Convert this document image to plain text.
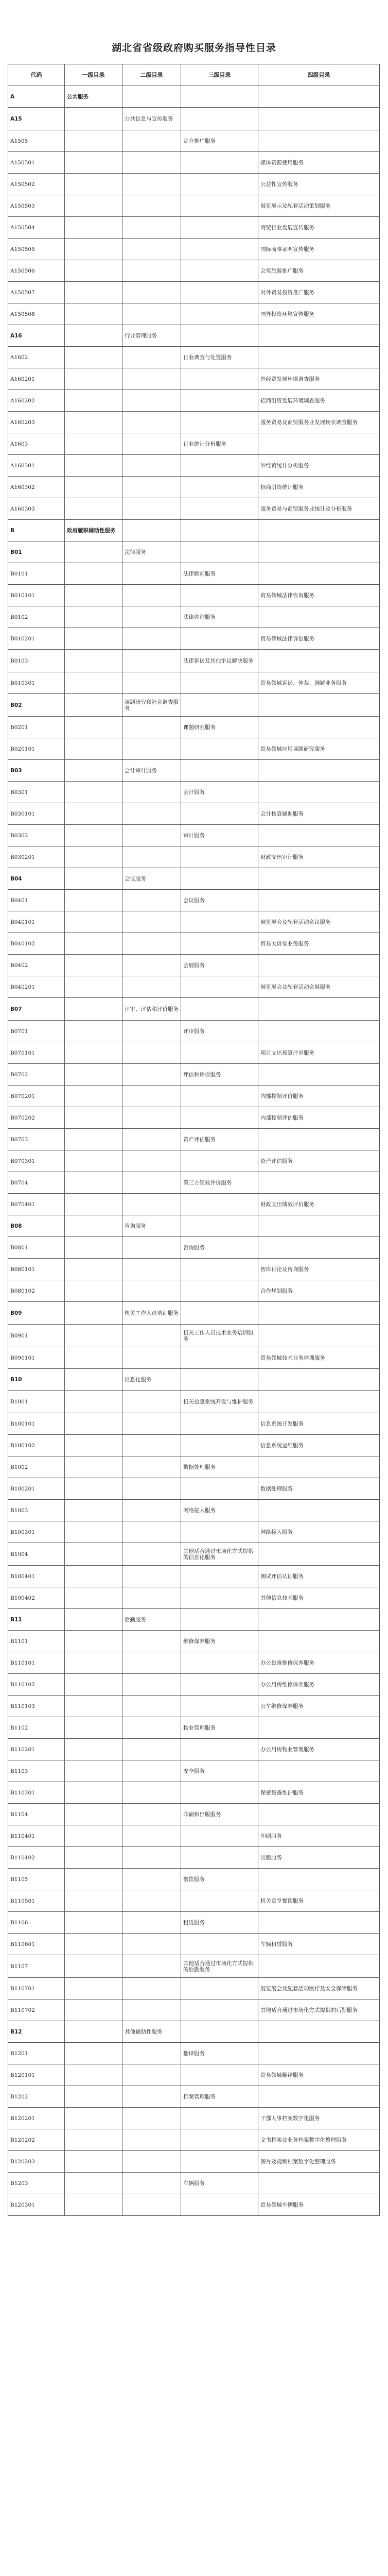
湖北省省级政府购买服务指导性目录
代码	一级目录	二级目录	三级目录	四级目录
A	公共服务			
A15		公共信息与宣传服务		
A1505			宣介推广服务	
A150501				媒体资源使用服务
A150502				公益性宣传服务
A150503				展览展示及配套活动策划服务
A150504				商贸行业发展宣传服务
A150505				国际商事证明宣传服务
A150506				会奖旅游推广服务
A150507				对外贸易投资推广服务
A150508				国外投资环境宣传服务
A16		行业管理服务		
A1602			行业调查与处置服务	
A160201				外经贸发展环境调查服务
A160202				招商引资发展环境调查服务
A160203				服务贸易及商贸服务业发展现状调查服务
A1603			行业统计分析服务	
A160301				外经贸统计分析服务
A160302				招商引资统计服务
A160303				服务贸易与商贸服务业统计及分析服务
B	政府履职辅助性服务			
B01		法律服务		
B0101			法律顾问服务	
B010101				贸易领域法律咨询服务
B0102			法律咨询服务	
B010201				贸易领域法律诉讼服务
B0103			法律诉讼及其他争议解决服务	
B010301				贸易领域诉讼、仲裁、调解业务服务
B02		课题研究和社会调查服务		
B0201			课题研究服务	
B020101				贸易领域应用课题研究服务
B03		会计审计服务		
B0301			会计服务	
B030101				会计核算辅助服务
B0302			审计服务	
B030201				财政支出审计服务
B04		会议服务		
B0401			会议服务	
B040101				展览展会及配套活动会议服务
B040102				贸易大讲堂业务服务
B0402			会展服务	
B040201				展览展会及配套活动会展服务
B07		评审、评估和评价服务		
B0701			评审服务	
B070101				项目支出预算评审服务
B0702			评估和评价服务	
B070201				内部控制评价服务
B070202				内部控制评估服务
B0703			资产评估服务	
B070301				资产评估服务
B0704			第三方绩效评价服务	
B070401				财政支出绩效评价服务
B08		咨询服务		
B0801			咨询服务	
B080101				智库讨论及咨询服务
B080102				合作规划服务
B09		机关工作人员培训服务		
B0901			机关工作人员技术业务培训服务	
B090101				贸易领域技术业务培训服务
B10		信息化服务		
B1001			机关信息系统开发与维护服务	
B100101				信息系统开发服务
B100102				信息系统运维服务
B1002			数据处理服务	
B100201				数据处理服务
B1003			网络接入服务	
B100301				网络接入服务
B1004			其他适合通过市场化方式提供的信息化服务	
B100401				测试评估认证服务
B100402				其他信息技术服务
B11		后勤服务		
B1101			维修保养服务	
B110101				办公设备维修保养服务
B110102				办公用房维修保养服务
B110103				公车维修保养服务
B1102			物业管理服务	
B110201				办公用房物业管理服务
B1103			安全服务	
B110301				保密设备维护服务
B1104			印刷和出版服务	
B110401				印刷服务
B110402				出版服务
B1105			餐饮服务	
B110501				机关食堂餐饮服务
B1106			租赁服务	
B110601				车辆租赁服务
B1107			其他适合通过市场化方式提供的后勤服务	
B110701				展览展会及配套活动医疗及安全保障服务
B110702				其他适合通过市场化方式提供的后勤服务
B12		其他辅助性服务		
B1201			翻译服务	
B120101				贸易领域翻译服务
B1202			档案管理服务	
B120201				干部人事档案数字化服务
B120202				文书档案及业务档案数字化整理服务
B120203				图片及视频档案数字化整理服务
B1203			车辆服务	
B120301				贸易领域车辆服务
